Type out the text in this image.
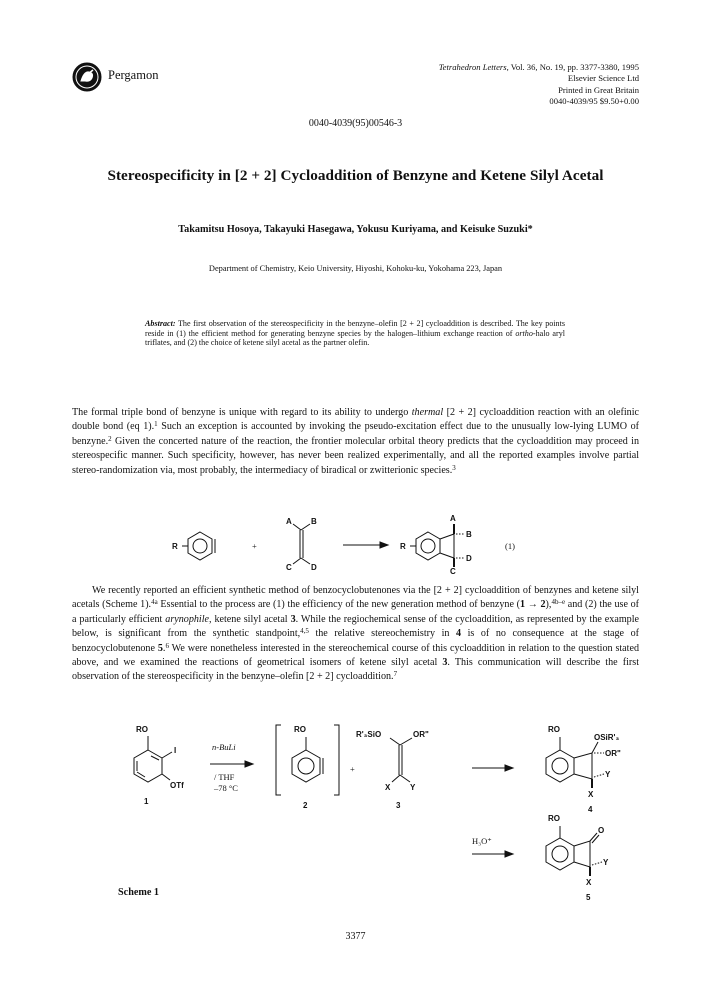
Pergamon
Tetrahedron Letters, Vol. 36, No. 19, pp. 3377-3380, 1995
Elsevier Science Ltd
Printed in Great Britain
0040-4039/95 $9.50+0.00
0040-4039(95)00546-3
Stereospecificity in [2 + 2] Cycloaddition of Benzyne and Ketene Silyl Acetal
Takamitsu Hosoya, Takayuki Hasegawa, Yokusu Kuriyama, and Keisuke Suzuki*
Department of Chemistry, Keio University, Hiyoshi, Kohoku-ku, Yokohama 223, Japan
Abstract: The first observation of the stereospecificity in the benzyne–olefin [2 + 2] cycloaddition is described. The key points reside in (1) the efficient method for generating benzyne species by the halogen–lithium exchange reaction of ortho-halo aryl triflates, and (2) the choice of ketene silyl acetal as the partner olefin.
The formal triple bond of benzyne is unique with regard to its ability to undergo thermal [2 + 2] cycloaddition reaction with an olefinic double bond (eq 1).$^1$ Such an exception is accounted by invoking the pseudo-excitation effect due to the unusually low-lying LUMO of benzyne.$^2$ Given the concerted nature of the reaction, the frontier molecular orbital theory predicts that the cycloaddition may proceed in stereospecific manner. Such specificity, however, has never been realized experimentally, and all the reported examples involve partial stereo-randomization via, most probably, the intermediacy of biradical or zwitterionic species.$^3$
R	+
A B
C D
R
A
B
D
C
(1)
We recently reported an efficient synthetic method of benzocyclobutenones via the [2 + 2] cycloaddition of benzynes and ketene silyl acetals (Scheme 1).$^{4a}$ Essential to the process are (1) the efficiency of the new generation method of benzyne (1 → 2),$^{4b-e}$ and (2) the use of a particularly efficient arynophile, ketene silyl acetal 3. While the regiochemical sense of the cycloaddition, as represented by the example below, is significant from the synthetic standpoint,$^{4,5}$ the relative stereochemistry in 4 is of no consequence at the stage of benzocyclobutenone 5.$^6$ We were nonetheless interested in the stereochemical course of this cycloaddition in relation to the question stated above, and we examined the reactions of geometrical isomers of ketene silyl acetal 3. This communication will describe the first observation of the stereospecificity in the benzyne–olefin [2 + 2] cycloaddition.$^7$
RO
I
OTf
1
n-BuLi
/ THF
–78 °C
RO
2
+
R'₃SiO	OR"
X Y
3
RO
OSiR'₃
OR"
Y
X
4
H₃O⁺
RO
O
Y
X
5
Scheme 1
3377
